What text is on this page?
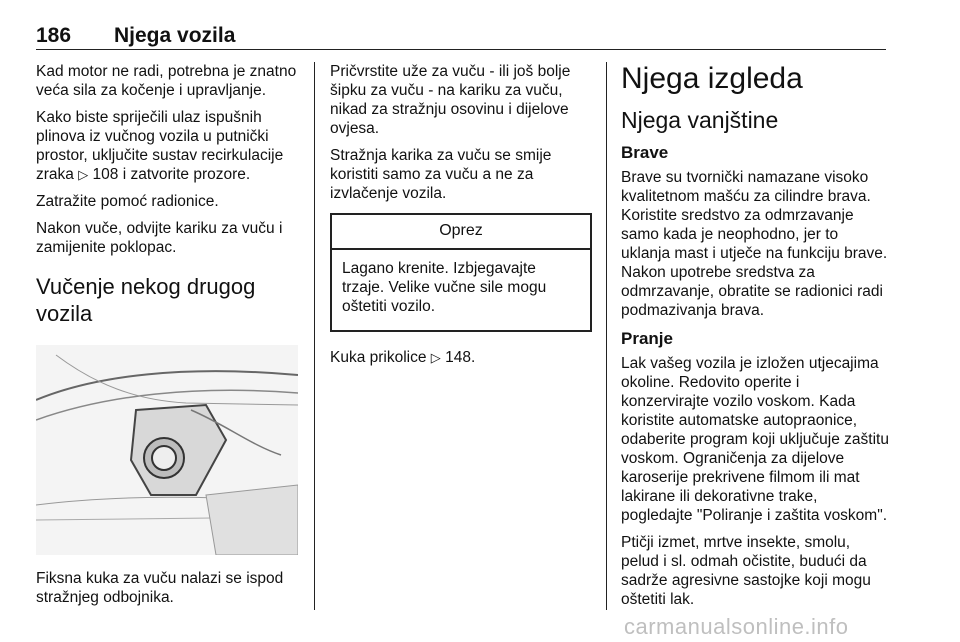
186 Njega vozila

Kad motor ne radi, potrebna je znatno veća sila za kočenje i upravljanje.

Kako biste spriječili ulaz ispušnih plinova iz vučnog vozila u putnički prostor, uključite sustav recirkulacije zraka ▷ 108 i zatvorite prozore.

Zatražite pomoć radionice.

Nakon vuče, odvijte kariku za vuču i zamijenite poklopac.

Vučenje nekog drugog vozila

Fiksna kuka za vuču nalazi se ispod stražnjeg odbojnika.

Pričvrstite uže za vuču - ili još bolje šipku za vuču - na kariku za vuču, nikad za stražnju osovinu i dijelove ovjesa.

Stražnja karika za vuču se smije koristiti samo za vuču a ne za izvlačenje vozila.

Oprez

Lagano krenite. Izbjegavajte trzaje. Velike vučne sile mogu oštetiti vozilo.

Kuka prikolice ▷ 148.

Njega izgleda
Njega vanjštine
Brave

Brave su tvornički namazane visoko kvalitetnom mašću za cilindre brava. Koristite sredstvo za odmrzavanje samo kada je neophodno, jer to uklanja mast i utječe na funkciju brave. Nakon upotrebe sredstva za odmrzavanje, obratite se radionici radi podmazivanja brava.

Pranje

Lak vašeg vozila je izložen utjecajima okoline. Redovito operite i konzervirajte vozilo voskom. Kada koristite automatske autopraonice, odaberite program koji uključuje zaštitu voskom. Ograničenja za dijelove karoserije prekrivene filmom ili mat lakirane ili dekorativne trake, pogledajte "Poliranje i zaštita voskom".

Ptičji izmet, mrtve insekte, smolu, pelud i sl. odmah očistite, budući da sadrže agresivne sastojke koji mogu oštetiti lak.

carmanualsonline.info
